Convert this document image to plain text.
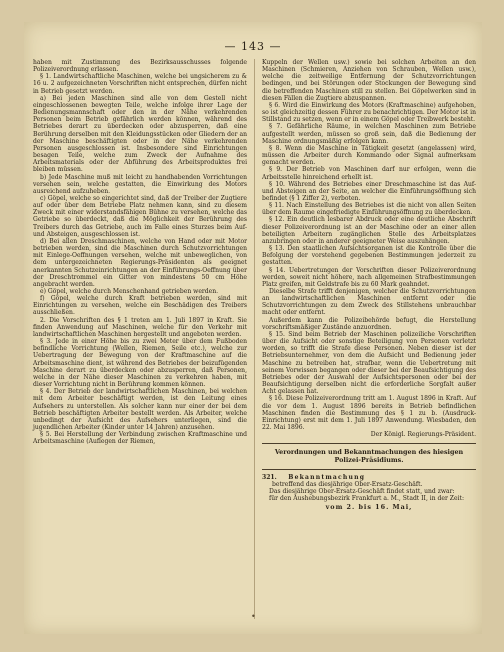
— 143 —

haben mit Zustimmung des Bezirksausschusses folgende Polizeiverordnung erlassen.

§ 1. Landwirtschaftliche Maschinen, welche bei ungsicherem zu & 16 u. 2 aufgezeichneten Vorschriften nicht entsprechen, dürfen nicht in Betrieb gesetzt werden.

a) Bei jeden Maschinen sind alle von dem Gestell nicht eingeschlossenen bewegten Teile, welche infolge ihrer Lage der Bedienungsmannschaft oder den in der Nähe verkehrenden Personen beim Betrieb gefährlich werden können, während des Betriebes derart zu überdecken oder abzusperren, daß eine Berührung derselben mit den Kleidungsstücken oder Gliedern der an der Maschine beschäftigten oder in der Nähe verkehrenden Personen ausgeschlossen ist. Insbesondere sind Einrichtungen besagen Teile, welche zum Zweck der Aufnahme des Arbeitsmaterials oder der Abführung des Arbeitsproduktes frei bleiben müssen.

b) Jede Maschine muß mit leicht zu handhabenden Vorrichtungen versehen sein, welche gestatten, die Einwirkung des Motors ausreichend aufzuheben.

c) Göpel, welche so eingerichtet sind, daß der Treiber der Zugtiere auf oder über dem Betriebe Platz nehmen kann, sind zu diesem Zweck mit einer widerstandsfähigen Bühne zu versehen, welche das Getriebe so überdeckt, daß die Möglichkeit der Berührung des Treibers durch das Getriebe, auch im Falle eines Sturzes beim Auf- und Absteigen, ausgeschlossen ist.

d) Bei allen Dreschmaschinen, welche von Hand oder mit Motor betrieben werden, sind die Maschinen durch Schutzvorrichtungen mit Einlege-Oeffnungen versehen, welche mit unbeweglichen, von dem untergezeichneten Regierungs-Präsidenten als geeignet anerkannten Schutzeinrichtungen an der Einführungs-Oeffnung über der Dreschtrommel ein Gitter von mindestens 50 cm Höhe angebracht werden.

e) Göpel, welche durch Menschenhand getrieben werden.

f) Göpel, welche durch Kraft betrieben werden, sind mit Einrichtungen zu versehen, welche ein Beschädigen des Treibers ausschließen.

2. Die Vorschriften des § 1 treten am 1. Juli 1897 in Kraft. Sie finden Anwendung auf Maschinen, welche für den Verkehr mit landwirtschaftlichen Maschinen hergestellt und angeboten werden.

§ 3. Jede in einer Höhe bis zu zwei Meter über dem Fußboden befindliche Vorrichtung (Wellen, Riemen, Seile etc.), welche zur Uebertragung der Bewegung von der Kraftmaschine auf die Arbeitsmaschine dient, ist während des Betriebes der beizufügenden Maschine derart zu überdecken oder abzusperren, daß Personen, welche in der Nähe dieser Maschinen zu verkehren haben, mit dieser Vorrichtung nicht in Berührung kommen können.

§ 4. Der Betrieb der landwirtschaftlichen Maschinen, bei welchen mit dem Arbeiter beschäftigt werden, ist den Leitung eines Aufsehers zu unterstellen. Als solcher kann nur einer der bei dem Betrieb beschäftigten Arbeiter bestellt werden. Als Arbeiter, welche unbedingt der Aufsicht des Aufsehers unterliegen, sind die jugendlichen Arbeiter (Kinder unter 14 Jahren) anzusehen.

§ 5. Bei Herstellung der Verbindung zwischen Kraftmaschine und Arbeitsmaschine (Auflegen der Riemen,

Kuppeln der Wellen usw.) sowie bei solchen Arbeiten an den Maschinen (Schmieren, Anziehen von Schrauben, Wellen usw.), welche die zeitweilige Entfernung der Schutzvorrichtungen bedingen, und bei Störungen oder Stockungen der Bewegung sind die betreffenden Maschinen still zu stellen. Bei Göpelwerken sind in diesen Fällen die Zugtiere abzuspannen.

§ 6. Wird die Einwirkung des Motors (Kraftmaschine) aufgehoben, so ist gleichzeitig dessen Führer zu benachrichtigen. Der Motor ist in Stillstand zu setzen, wenn er in einem Göpel oder Treibwerk besteht.

§ 7. Gefährliche Räume, in welchen Maschinen zum Betriebe aufgestellt werden, müssen so groß sein, daß die Bedienung der Maschine ordnungsmäßig erfolgen kann.

§ 8. Wenn die Maschine in Tätigkeit gesetzt (angelassen) wird, müssen die Arbeiter durch Kommando oder Signal aufmerksam gemacht werden.

§ 9. Der Betrieb von Maschinen darf nur erfolgen, wenn die Arbeitsstelle hinreichend erhellt ist.

§ 10. Während des Betriebes einer Dreschmaschine ist das Auf- und Absteigen an der Seite, an welcher die Einführungsöffnung sich befindet (§ 1 Ziffer 2), verboten.

§ 11. Nach Einstellung des Betriebes ist die nicht von allen Seiten über dem Raume eingefriedigte Einführungsöffnung zu überdecken.

§ 12. Ein deutlich lesbarer Abdruck oder eine deutliche Abschrift dieser Polizeiverordnung ist an der Maschine oder an einer allen beteiligten Arbeitern zugänglichen Stelle des Arbeitsplatzes anzubringen oder in anderer geeigneter Weise auszuhängen.

§ 13. Den staatlichen Aufsichtsorganen ist die Kontrolle über die Befolgung der vorstehend gegebenen Bestimmungen jederzeit zu gestatten.

§ 14. Uebertretungen der Vorschriften dieser Polizeiverordnung werden, soweit nicht höhere, nach allgemeinen Strafbestimmungen Platz greifen, mit Geldstrafe bis zu 60 Mark geahndet.

Dieselbe Strafe trifft denjenigen, welcher die Schutzvorrichtungen an landwirtschaftlichen Maschinen entfernt oder die Schutzvorrichtungen zu dem Zweck des Stillstehens unbrauchbar macht oder entfernt.

Außerdem kann die Polizeibehörde befugt, die Herstellung vorschriftsmäßiger Zustände anzuordnen.

§ 15. Sind beim Betrieb der Maschinen polizeiliche Vorschriften über die Aufsicht oder sonstige Beteiligung von Personen verletzt worden, so trifft die Strafe diese Personen. Neben dieser ist der Betriebsunternehmer, von dem die Aufsicht und Bedienung jeder Maschine zu betreiben hat, strafbar, wenn die Uebertretung mit seinem Vorwissen begangen oder dieser bei der Beaufsichtigung des Betriebes oder der Auswahl der Aufsichtspersonen oder bei der Beaufsichtigung derselben nicht die erforderliche Sorgfalt außer Acht gelassen hat.

§ 16. Diese Polizeiverordnung tritt am 1. August 1896 in Kraft. Auf die vor dem 1. August 1896 bereits in Betrieb befindlichen Maschinen finden die Bestimmung des § 1 zu b. (Ausdruck-Einrichtung) erst mit dem 1. Juli 1897 Anwendung. Wiesbaden, den 22. Mai 1896.

Der Königl. Regierungs-Präsident.

Verordnungen und Bekanntmachungen des hiesigen Polizei-Präsidiums.

321. Bekanntmachung

betreffend das diesjährige Ober-Ersatz-Geschäft.

Das diesjährige Ober-Ersatz-Geschäft findet statt, und zwar:

für den Aushebungsbezirk Frankfurt a. M., Stadt II, in der Zeit:

vom 2. bis 16. Mai,
•
